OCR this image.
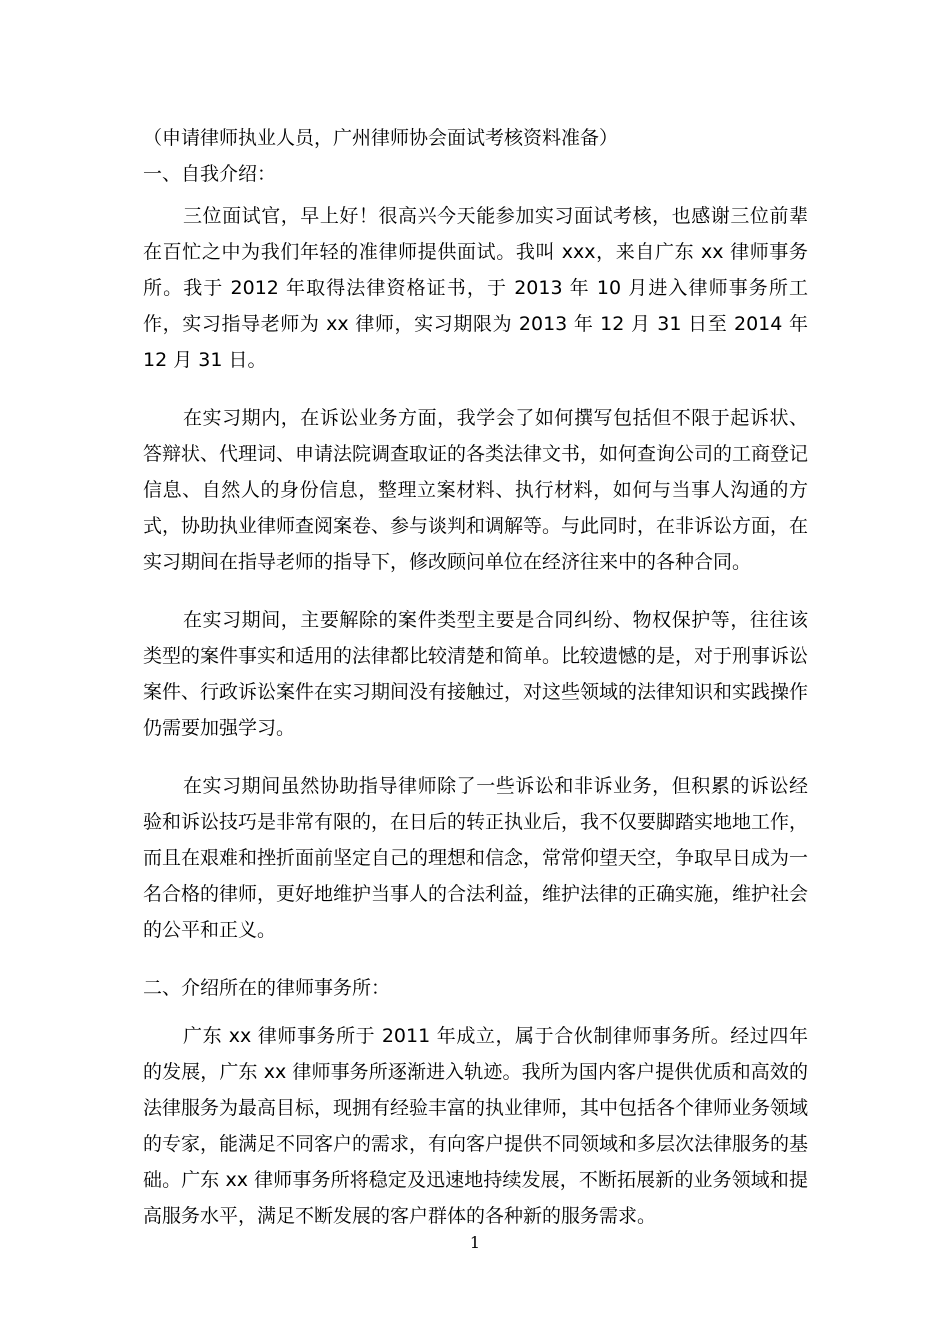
（申请律师执业人员，广州律师协会面试考核资料准备）
一、自我介绍：

三位面试官，早上好！很高兴今天能参加实习面试考核，也感谢三位前辈在百忙之中为我们年轻的准律师提供面试。我叫 xxx，来自广东 xx 律师事务所。我于 2012 年取得法律资格证书，于 2013 年 10 月进入律师事务所工作，实习指导老师为 xx 律师，实习期限为 2013 年 12 月 31 日至 2014 年 12 月 31 日。

在实习期内，在诉讼业务方面，我学会了如何撰写包括但不限于起诉状、答辩状、代理词、申请法院调查取证的各类法律文书，如何查询公司的工商登记信息、自然人的身份信息，整理立案材料、执行材料，如何与当事人沟通的方式，协助执业律师查阅案卷、参与谈判和调解等。与此同时，在非诉讼方面，在实习期间在指导老师的指导下，修改顾问单位在经济往来中的各种合同。

在实习期间，主要解除的案件类型主要是合同纠纷、物权保护等，往往该类型的案件事实和适用的法律都比较清楚和简单。比较遗憾的是，对于刑事诉讼案件、行政诉讼案件在实习期间没有接触过，对这些领域的法律知识和实践操作仍需要加强学习。

在实习期间虽然协助指导律师除了一些诉讼和非诉业务，但积累的诉讼经验和诉讼技巧是非常有限的，在日后的转正执业后，我不仅要脚踏实地地工作，而且在艰难和挫折面前坚定自己的理想和信念，常常仰望天空，争取早日成为一名合格的律师，更好地维护当事人的合法利益，维护法律的正确实施，维护社会的公平和正义。

二、介绍所在的律师事务所：

广东 xx 律师事务所于 2011 年成立，属于合伙制律师事务所。经过四年的发展，广东 xx 律师事务所逐渐进入轨迹。我所为国内客户提供优质和高效的法律服务为最高目标，现拥有经验丰富的执业律师，其中包括各个律师业务领域的专家，能满足不同客户的需求，有向客户提供不同领域和多层次法律服务的基础。广东 xx 律师事务所将稳定及迅速地持续发展，不断拓展新的业务领域和提高服务水平，满足不断发展的客户群体的各种新的服务需求。

1
